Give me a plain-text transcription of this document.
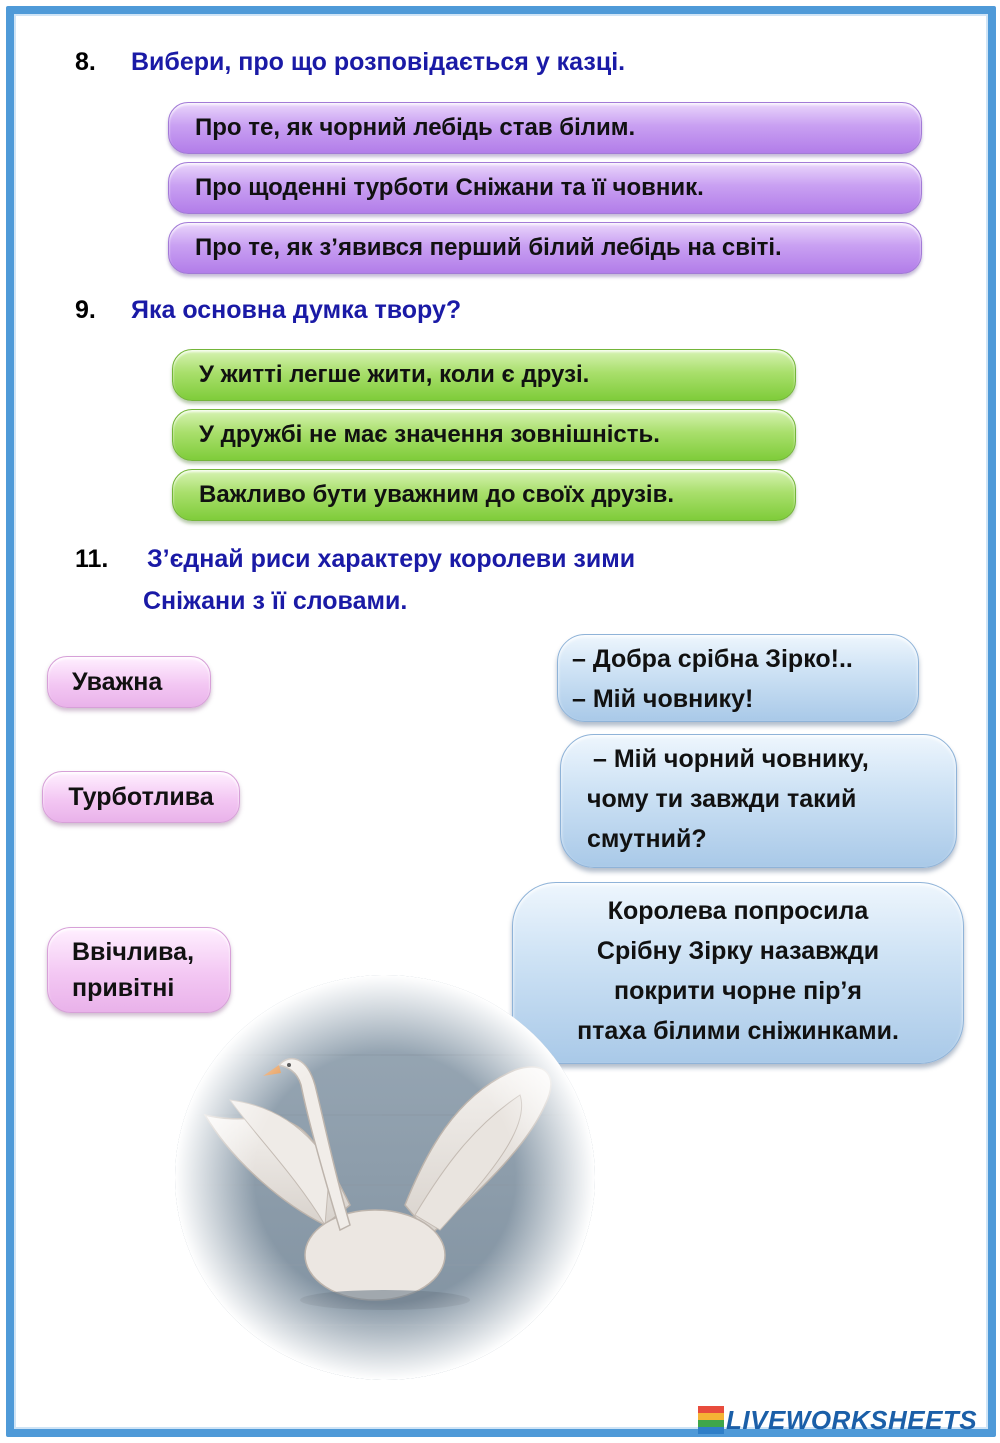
8. Вибери, про що розповідається у казці.
Про те, як чорний лебідь став білим.
Про щоденні турботи Сніжани та її човник.
Про те, як з’явився перший білий лебідь на світі.
9. Яка основна думка твору?
У житті легше жити, коли є друзі.
У дружбі не має значення зовнішність.
Важливо бути уважним до своїх друзів.
11. З’єднай риси характеру королеви зими
Сніжани з її словами.
Уважна
Турботлива
Ввічлива,
привітні
– Добра срібна Зірко!..
– Мій човнику!
– Мій чорний човнику,
чому ти завжди такий
смутний?
Королева попросила
Срібну Зірку назавжди
покрити чорне пір’я
птаха білими сніжинками.
LIVEWORKSHEETS
